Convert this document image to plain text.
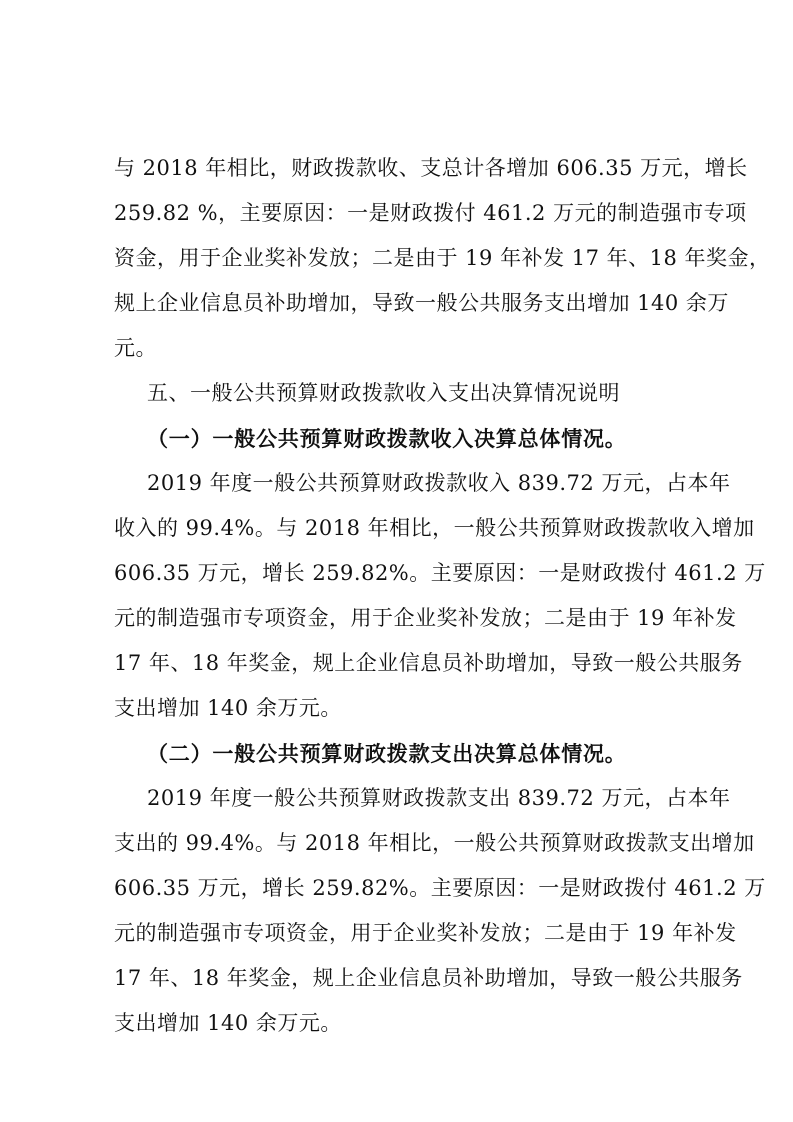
与 2018 年相比，财政拨款收、支总计各增加 606.35 万元，增长
259.82 %，主要原因：一是财政拨付 461.2 万元的制造强市专项
资金，用于企业奖补发放；二是由于 19 年补发 17 年、18 年奖金，
规上企业信息员补助增加，导致一般公共服务支出增加 140 余万
元。
五、一般公共预算财政拨款收入支出决算情况说明
（一）一般公共预算财政拨款收入决算总体情况。
2019 年度一般公共预算财政拨款收入 839.72 万元，占本年
收入的 99.4%。与 2018 年相比，一般公共预算财政拨款收入增加
606.35 万元，增长 259.82%。主要原因：一是财政拨付 461.2 万
元的制造强市专项资金，用于企业奖补发放；二是由于 19 年补发
17 年、18 年奖金，规上企业信息员补助增加，导致一般公共服务
支出增加 140 余万元。
（二）一般公共预算财政拨款支出决算总体情况。
2019 年度一般公共预算财政拨款支出 839.72 万元，占本年
支出的 99.4%。与 2018 年相比，一般公共预算财政拨款支出增加
606.35 万元，增长 259.82%。主要原因：一是财政拨付 461.2 万
元的制造强市专项资金，用于企业奖补发放；二是由于 19 年补发
17 年、18 年奖金，规上企业信息员补助增加，导致一般公共服务
支出增加 140 余万元。
